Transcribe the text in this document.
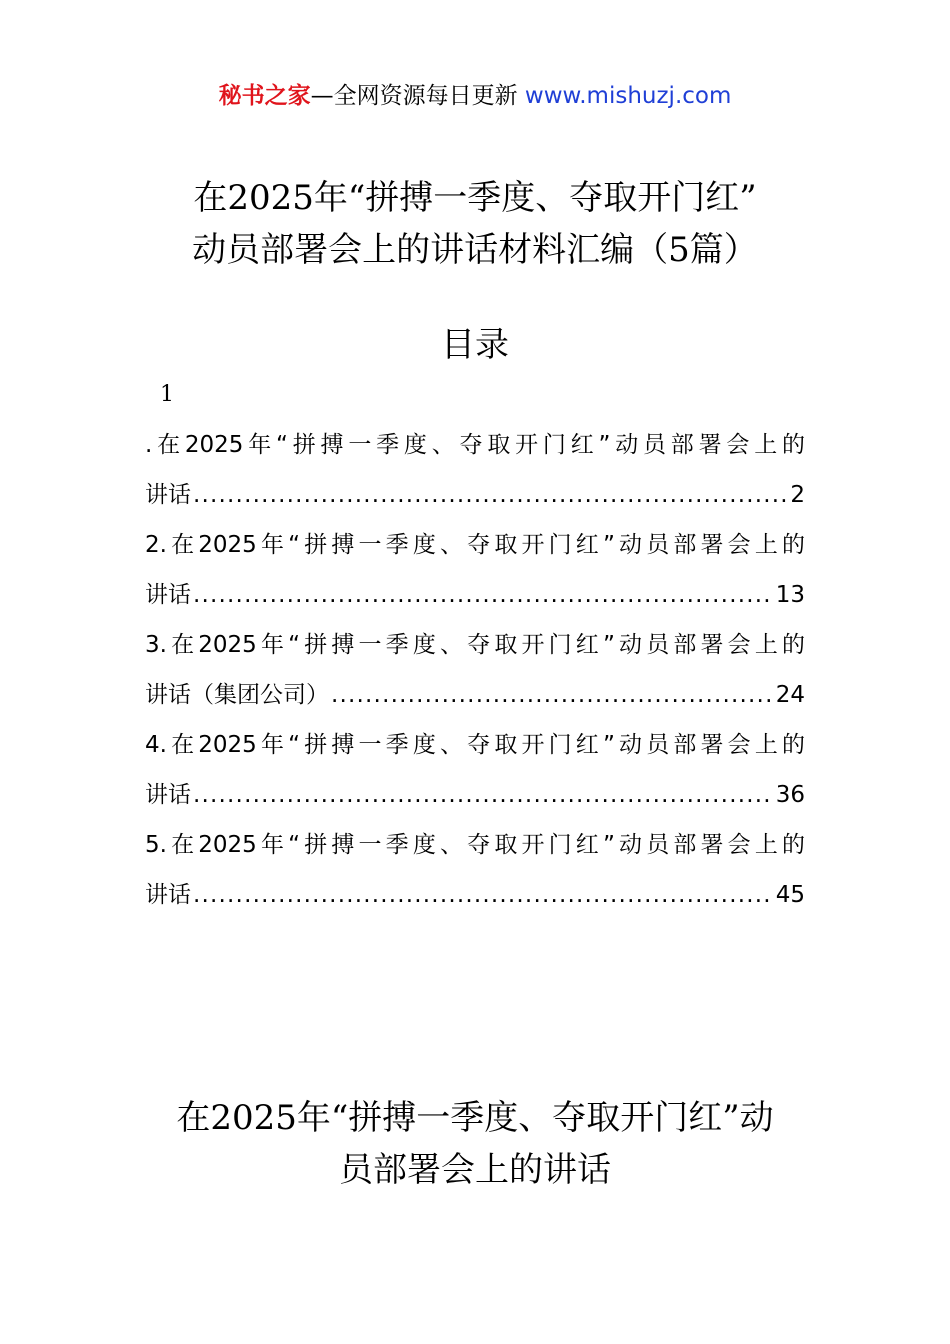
秘书之家—全网资源每日更新 www.mishuzj.com
在2025年“拼搏一季度、夺取开门红”
动员部署会上的讲话材料汇编（5篇）
目录
1
.在2025年“拼搏一季度、夺取开门红”动员部署会上的
讲话 .....	2
2.在2025年“拼搏一季度、夺取开门红”动员部署会上的
讲话 .....	13
3.在2025年“拼搏一季度、夺取开门红”动员部署会上的
讲话（集团公司） .....	24
4.在2025年“拼搏一季度、夺取开门红”动员部署会上的
讲话 .....	36
5.在2025年“拼搏一季度、夺取开门红”动员部署会上的
讲话 .....	45
在2025年“拼搏一季度、夺取开门红”动
员部署会上的讲话
